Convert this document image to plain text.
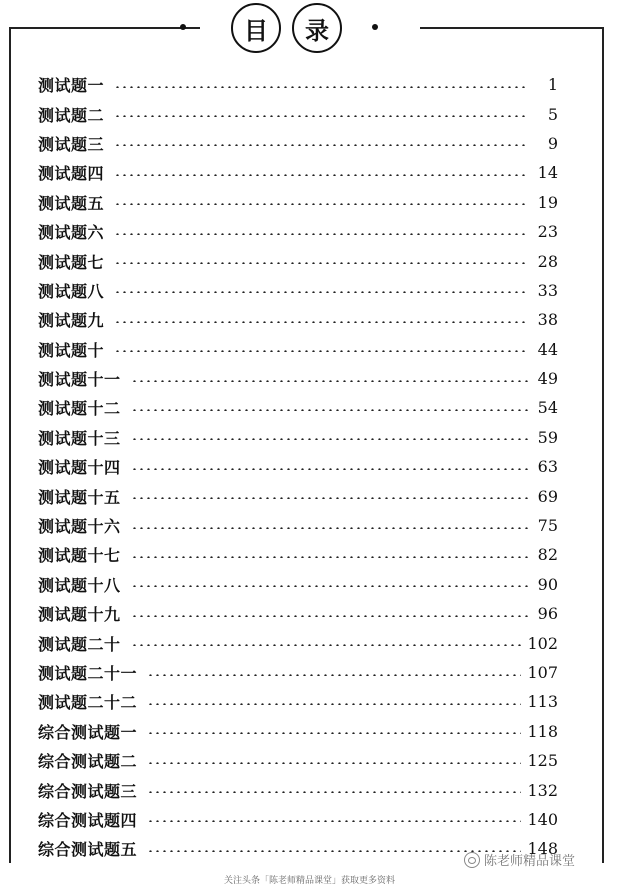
目	录
测试题一	1
测试题二	5
测试题三	9
测试题四	14
测试题五	19
测试题六	23
测试题七	28
测试题八	33
测试题九	38
测试题十	44
测试题十一	49
测试题十二	54
测试题十三	59
测试题十四	63
测试题十五	69
测试题十六	75
测试题十七	82
测试题十八	90
测试题十九	96
测试题二十	102
测试题二十一	107
测试题二十二	113
综合测试题一	118
综合测试题二	125
综合测试题三	132
综合测试题四	140
综合测试题五	148
陈老师精品课堂
关注头条「陈老师精品课堂」获取更多资料
